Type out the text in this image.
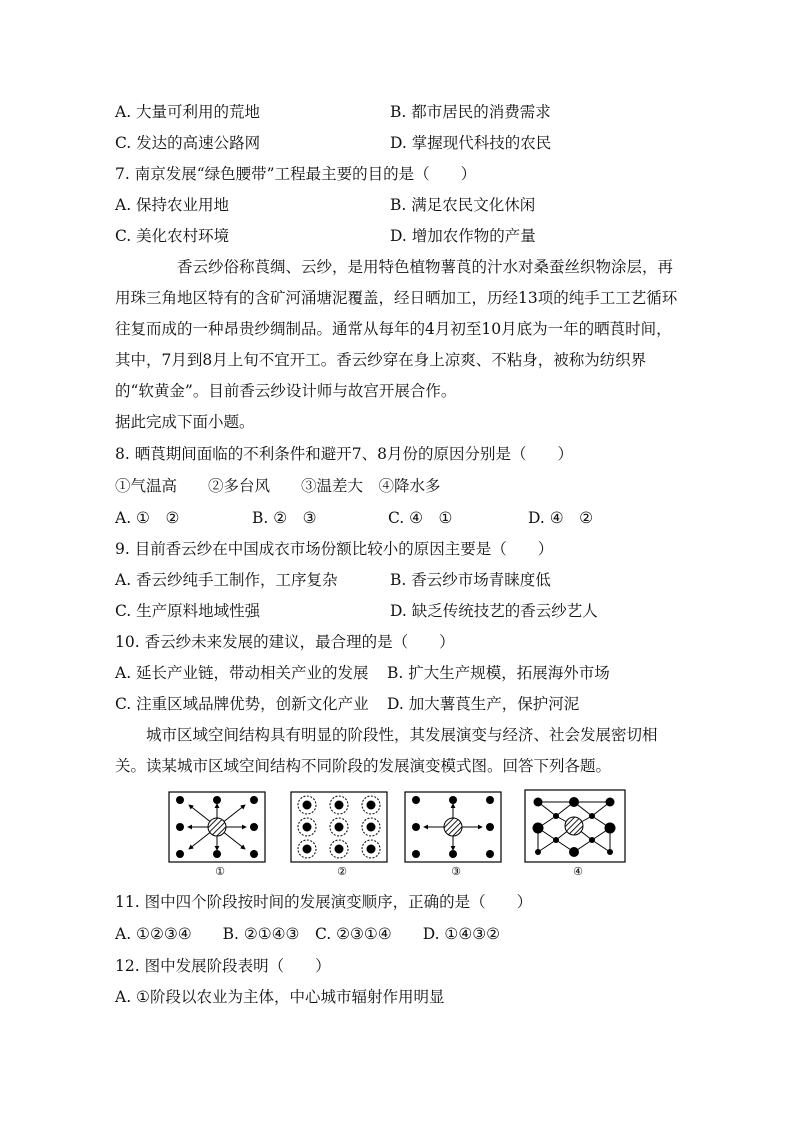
A. 大量可利用的荒地	B. 都市居民的消费需求
C. 发达的高速公路网	D. 掌握现代科技的农民
7. 南京发展“绿色腰带”工程最主要的目的是（　　）
A. 保持农业用地	B. 满足农民文化休闲
C. 美化农村环境	D. 增加农作物的产量
香云纱俗称莨绸、云纱，是用特色植物薯莨的汁水对桑蚕丝织物涂层，再用珠三角地区特有的含矿河涌塘泥覆盖，经日晒加工，历经13项的纯手工工艺循环往复而成的一种昂贵纱绸制品。通常从每年的4月初至10月底为一年的晒莨时间，其中，7月到8月上旬不宜开工。香云纱穿在身上凉爽、不粘身，被称为纺织界的“软黄金”。目前香云纱设计师与故宫开展合作。
据此完成下面小题。
8. 晒莨期间面临的不利条件和避开7、8月份的原因分别是（　　）
①气温高　　②多台风　　③温差大　④降水多
A. ①　②	B. ②　③	C. ④　①	D. ④　②
9. 目前香云纱在中国成衣市场份额比较小的原因主要是（　　）
A. 香云纱纯手工制作，工序复杂	B. 香云纱市场青睐度低
C. 生产原料地域性强	D. 缺乏传统技艺的香云纱艺人
10. 香云纱未来发展的建议，最合理的是（　　）
A. 延长产业链，带动相关产业的发展 B. 扩大生产规模，拓展海外市场
C. 注重区域品牌优势，创新文化产业 D. 加大薯莨生产，保护河泥
城市区域空间结构具有明显的阶段性，其发展演变与经济、社会发展密切相关。读某城市区域空间结构不同阶段的发展演变模式图。回答下列各题。
①	②	③	④
11. 图中四个阶段按时间的发展演变顺序，正确的是（　　）
A. ①②③④　　B. ②①④③　C. ②③①④　　D. ①④③②
12. 图中发展阶段表明（　　）
A. ①阶段以农业为主体，中心城市辐射作用明显
